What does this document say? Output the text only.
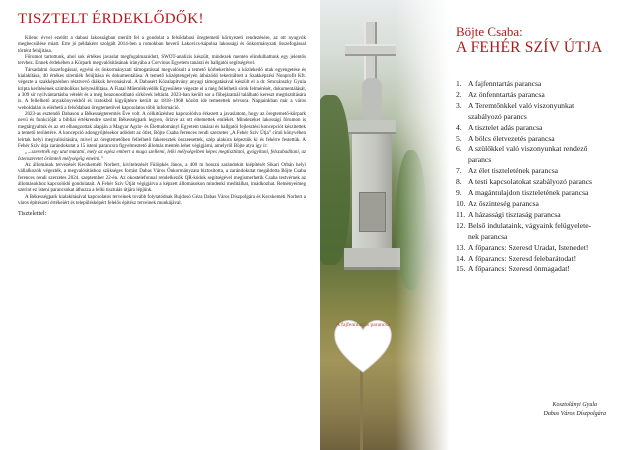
TISZTELT ÉRDEKLŐDŐK!

Kilenc évvel ezelőtt a dabasi lakosságban merült fel a gondolat a felsődabasi öregtemető környezeti rendezésére, az ott nyugvók megbecsülése miatt. Erre jó példaként szolgált 2014-ben a romokban heverő Lakovics-kápolna lakossági és önkormányzati összefogással történt felújítása.

Főrumot tartottunk, ahol sok értékes javaslat megfogalmazódott, SWOT-analízis készült, mindezek mentén elindulhattunk egy jelentős tervhez. Ennek érdekében a Kürpark megvalósításának irányába a Corvinus Egyetem tanárai és hallgatói segítségével.

Társadalmi összefogással, egyéni és önkormányzati támogatással megvalósult a temető körbekerítése, a közlekedő utak egyengetése és kialakítása, 40 értékes síremlék felújítása és dokumentálása. A temető középtengelyén áthúzódó tekeritáltott a Szakképzési Nonprofit Kft. végezte a szakképzésben résztvevő diákok bevonásával. A Dabasért Közalapítvány anyagi támogatásával készült el a dr. Smcsánszky Gyula kripta kerítésének szimbolikus helyreállítása. A Fiatal Műemlékvédők Egyesülete végezte el a még fellelhető sírok felmérését, dokumentálását, a 309 sír nyilvántartásba vételét és a még beazonosítható sírkövek leltárát. 2023-ban került sor a főbejáratnál található kereszt megtisztítására is. A fellelhető anyakönyvekből és iratokból kigyűjtésre került az 1818–1968 között ide temetettek névsora. Napjainkban már a város weboldalán is elérhető a felsődabasi öregtemetővel kapcsolatos több információ.

2023-as esztendő Dabason a Békességteremtés Éve volt. A célkitűzéshez kapcsolódva érkezett a javaslatom, hogy az öregtemető-kürpark nevű és funkcióját a bibliai értékrendre szerint Békességpark legyen, őrizve az ott eltemettek emlékét. Mindezeket lakossági fórumon is megtárgyaltuk és az ott elhangzottak alapján a Magyar Agrár- és Élettudományi Egyetem tanárai és hallgatói fejlesztési koncepciót készítettek a temető területére. A koncepció adongyűjtésekor adódott az ötlet, Böjte Csaba ferences rendi szerzetes „A Fehér Szív Útja” című könyvében leírtak helyi megvalósítására, mivel az öregtemetőben fellelhető fakeresztek összeesettek, szép alakúra képeztük ki és fehérre festettük. A Fehér Szív útja zarándokutat a 15 isteni parancsra figyelmeztető állomás mentén lehet végigjárni, amelyről Böjte atya így ír:

„...szeretnék egy utat mutatni, mely az egész embert a maga szellemi, lelki mélységeiben képes megtisztítani, gyógyítani, felszabadítani, az Istenszeretet örömteli mélységéig emelni.”

Az állomások tervezését Kecskeméti Norbert, kivitelezését Fülöpkés János, a 400 m hosszú zarándokút kiépítését Sikari Orbán helyi vállalkozók végezték, a megvalósításhoz szükséges forrást Dabas Város Önkormányzata biztosította, a zarándokutat megáldotta Böjte Csaba ferences rendi szerzetes 2024. szeptember 22-én. Az okostelefonnal rendelkezők QR-kódok segítségével megismerhetik Csaba testvérnek az állomásokhoz kapcsolódó gondolatait. A Fehér Szív Útját végigjárva a képzett állomásokon mindenki meditálhat, imádkozhat. Reményeimeg szerint ez istení parancsokat áthozza a lelki tisztulás útjára lépjünk.

A Békességpark kialakításával kapcsolatos terveinek tovább folytatódnak Bujdosó Géza Dabas Város Díszpolgára és Kecskeméti Norbert a város építészeti értékeiért és településképért felelős építész terveinek munkájával.

Tisztelettel:
Kosztolányi Gyula
Dabas Város Díszpolgára
A fajfenntartás parancsa
Böjte Csaba:
A FEHÉR SZÍV ÚTJA
1. A fajfenntartás parancsa
2. Az önfenntartás parancsa
3. A Teremtőnkkel való viszonyunkat
szabályozó parancs
4. A tisztelet adás parancsa
5. A bölcs életvezetés parancsa
6. A szülőkkel való viszonyunkat rendező
parancs
7. Az élet tiszteletének parancsa
8. A testi kapcsolatokat szabályozó parancs
9. A magántulajdon tiszteletének parancsa
10. Az őszinteség parancsa
11. A házassági tisztaság parancsa
12. Belső indulataink, vágyaink felügyelete-
nek parancsa
13. A főparancs: Szeresd Uradat, Istenedet!
14. A főparancs: Szeresd felebarátodat!
15. A főparancs: Szeresd önmagadat!
